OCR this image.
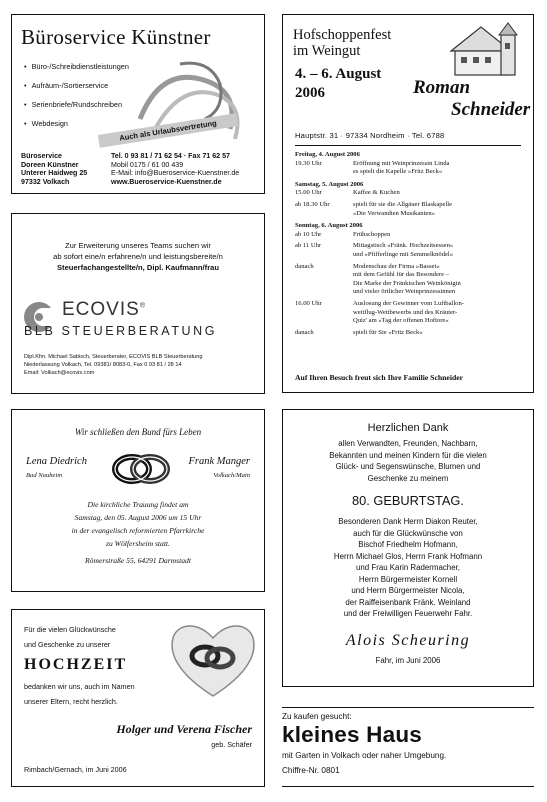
Büroservice Künstner
• Büro-/Schreibdienstleistungen
• Aufräum-/Sortierservice
• Serienbriefe/Rundschreiben
• Webdesign	Auch als Urlaubsvertretung
Büroservice
Doreen Künstner
Unterer Haidweg 25
97332 Volkach
Tel. 0 93 81 / 71 62 54 · Fax 71 62 57
Mobil 0175 / 61 00 439
E-Mail: info@Bueroservice-Kuenstner.de
www.Bueroservice-Kuenstner.de
Zur Erweiterung unseres Teams suchen wir
ab sofort eine/n erfahrene/n und leistungsbereite/n
Steuerfachangestellte/n, Dipl. Kaufmann/frau
ECOVIS®
BLB STEUERBERATUNG
Dipl.Kfm. Michael Sabisch, Steuerberater, ECOVIS BLB Steuerberatung
Niederlassung Volkach, Tel. 09381/ 8083-0, Fax 0 93 81 / 28 14
Email: Volkach@ecovis.com
Wir schließen den Bund fürs Leben
Lena Diedrich
Bad Nauheim
Frank Manger
Volkach/Main
Die kirchliche Trauung findet am
Samstag, den 05. August 2006 um 15 Uhr
in der evangelisch reformierten Pfarrkirche
zu Wölfersheim statt.
Römerstraße 55, 64291 Darmstadt
Für die vielen Glückwünsche
und Geschenke zu unserer
HOCHZEIT
bedanken wir uns, auch im Namen
unserer Eltern, recht herzlich.
Holger und Verena Fischer
geb. Schäfer
Rimbach/Gernach, im Juni 2006
Hofschoppenfest
im Weingut
4. – 6. August
2006	Roman
Schneider
Hauptstr. 31 · 97334 Nordheim · Tel. 6788
Freitag, 4. August 2006
19.30 Uhr	Eröffnung mit Weinprinzessin Linda
es spielt die Kapelle »Fritz Beck«
Samstag, 5. August 2006
15.00 Uhr	Kaffee & Kuchen
ab 18.30 Uhr	spielt für sie die Allgäuer Blaskapelle
»Die Verwandten Musikanten«
Sonntag, 6. August 2006
ab 10 Uhr	Frühschoppen
ab 11 Uhr	Mittagstisch »Fränk. Hochzeitsessen«
und »Pfifferlinge mit Semmelknödel«
danach	Modenschau der Firma »Basset«
mit dem Gefühl für das Besondere –
Die Marke der Fränkischen Weinkönigin
und vieler örtlicher Weinprinzessinnen
16.00 Uhr	Auslosung der Gewinner vom Luftballon-
weitflug-Wettbewerbs und des Kräuter-
Quiz' am »Tag der offenen Hoftore«
danach	spielt für Sie »Fritz Beck«
Auf Ihren Besuch freut sich Ihre Familie Schneider
Herzlichen Dank
allen Verwandten, Freunden, Nachbarn,
Bekannten und meinen Kindern für die vielen
Glück- und Segenswünsche, Blumen und
Geschenke zu meinem
80. GEBURTSTAG.
Besonderen Dank Herrn Diakon Reuter,
auch für die Glückwünsche von
Bischof Friedhelm Hofmann,
Herrn Michael Glos, Herrn Frank Hofmann
und Frau Karin Radermacher,
Herrn Bürgermeister Kornell
und Herrn Bürgermeister Nicola,
der Raiffeisenbank Fränk. Weinland
und der Freiwilligen Feuerwehr Fahr.
Alois Scheuring
Fahr, im Juni 2006
Zu kaufen gesucht:
kleines Haus
mit Garten in Volkach oder naher Umgebung.
Chiffre-Nr. 0801
